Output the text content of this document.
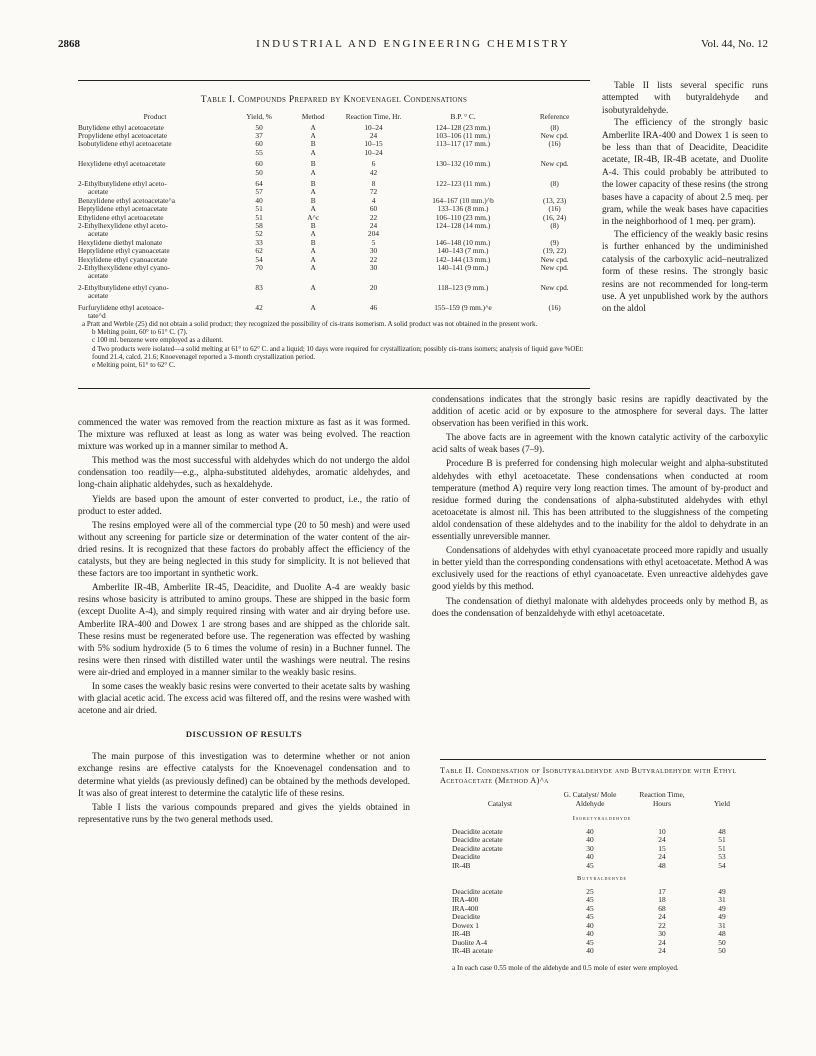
2868	INDUSTRIAL AND ENGINEERING CHEMISTRY	Vol. 44, No. 12
Table I. Compounds Prepared by Knoevenagel Condensations
Product	Yield, %	Method	Reaction Time, Hr.	B.P. ° C.	Reference
Butylidene ethyl acetoacetate	50	A	10–24	124–128 (23 mm.)	(8)
Propylidene ethyl acetoacetate	37	A	24	103–106 (11 mm.)	New cpd.
Isobutylidene ethyl acetoacetate	60	B	10–15	113–117 (17 mm.)	(16)
	55	A	10–24		
Hexylidene ethyl acetoacetate	60	B	6	130–132 (10 mm.)	New cpd.
	50	A	42		
2-Ethylbutylidene ethyl aceto-	64	B	8	122–123 (11 mm.)	(8)
acetate	57	A	72		
Benzylidene ethyl acetoacetate^a	40	B	4	164–167 (10 mm.)^b	(13, 23)
Heptylidene ethyl acetoacetate	51	A	60	133–136 (8 mm.)	(16)
Ethylidene ethyl acetoacetate	51	A^c	22	106–110 (23 mm.)	(16, 24)
2-Ethylhexylidene ethyl aceto-	58	B	24	124–128 (14 mm.)	(8)
acetate	52	A	204		
Hexylidene diethyl malonate	33	B	5	146–148 (10 mm.)	(9)
Heptylidene ethyl cyanoacetate	62	A	30	140–143 (7 mm.)	(19, 22)
Hexylidene ethyl cyanoacetate	54	A	22	142–144 (13 mm.)	New cpd.
2-Ethylhexylidene ethyl cyano-	70	A	30	140–141 (9 mm.)	New cpd.
acetate					
2-Ethylbutylidene ethyl cyano-	83	A	20	118–123 (9 mm.)	New cpd.
acetate					
Furfurylidene ethyl acetoace-	42	A	46	155–159 (9 mm.)^e	(16)
tate^d					
a Pratt and Werble (25) did not obtain a solid product; they recognized the possibility of cis-trans isomerism. A solid product was not obtained in the present work.
b Melting point, 60° to 61° C. (7).
c 100 ml. benzene were employed as a diluent.
d Two products were isolated—a solid melting at 61° to 62° C. and a liquid; 10 days were required for crystallization; possibly cis-trans isomers; analysis of liquid gave %OEt: found 21.4, calcd. 21.6; Knoevenagel reported a 3-month crystallization period.
e Melting point, 61° to 62° C.

Table II lists several specific runs attempted with butyraldehyde and isobutyraldehyde.

The efficiency of the strongly basic Amberlite IRA-400 and Dowex 1 is seen to be less than that of Deacidite, Deacidite acetate, IR-4B, IR-4B acetate, and Duolite A-4. This could probably be attributed to the lower capacity of these resins (the strong bases have a capacity of about 2.5 meq. per gram, while the weak bases have capacities in the neighborhood of 1 meq. per gram).

The efficiency of the weakly basic resins is further enhanced by the undiminished catalysis of the carboxylic acid–neutralized form of these resins. The strongly basic resins are not recommended for long-term use. A yet unpublished work by the authors on the aldol

commenced the water was removed from the reaction mixture as fast as it was formed. The mixture was refluxed at least as long as water was being evolved. The reaction mixture was worked up in a manner similar to method A.

This method was the most successful with aldehydes which do not undergo the aldol condensation too readily—e.g., alpha-substituted aldehydes, aromatic aldehydes, and long-chain aliphatic aldehydes, such as hexaldehyde.

Yields are based upon the amount of ester converted to product, i.e., the ratio of product to ester added.

The resins employed were all of the commercial type (20 to 50 mesh) and were used without any screening for particle size or determination of the water content of the air-dried resins. It is recognized that these factors do probably affect the efficiency of the catalysts, but they are being neglected in this study for simplicity. It is not believed that these factors are too important in synthetic work.

Amberlite IR-4B, Amberlite IR-45, Deacidite, and Duolite A-4 are weakly basic resins whose basicity is attributed to amino groups. These are shipped in the basic form (except Duolite A-4), and simply required rinsing with water and air drying before use. Amberlite IRA-400 and Dowex 1 are strong bases and are shipped as the chloride salt. These resins must be regenerated before use. The regeneration was effected by washing with 5% sodium hydroxide (5 to 6 times the volume of resin) in a Buchner funnel. The resins were then rinsed with distilled water until the washings were neutral. The resins were air-dried and employed in a manner similar to the weakly basic resins.

In some cases the weakly basic resins were converted to their acetate salts by washing with glacial acetic acid. The excess acid was filtered off, and the resins were washed with acetone and air dried.

DISCUSSION OF RESULTS

The main purpose of this investigation was to determine whether or not anion exchange resins are effective catalysts for the Knoevenagel condensation and to determine what yields (as previously defined) can be obtained by the methods developed. It was also of great interest to determine the catalytic life of these resins.

Table I lists the various compounds prepared and gives the yields obtained in representative runs by the two general methods used.

condensations indicates that the strongly basic resins are rapidly deactivated by the addition of acetic acid or by exposure to the atmosphere for several days. The latter observation has been verified in this work.

The above facts are in agreement with the known catalytic activity of the carboxylic acid salts of weak bases (7–9).

Procedure B is preferred for condensing high molecular weight and alpha-substituted aldehydes with ethyl acetoacetate. These condensations when conducted at room temperature (method A) require very long reaction times. The amount of by-product and residue formed during the condensations of alpha-substituted aldehydes with ethyl acetoacetate is almost nil. This has been attributed to the sluggishness of the competing aldol condensation of these aldehydes and to the inability for the aldol to dehydrate in an essentially unreversible manner.

Condensations of aldehydes with ethyl cyanoacetate proceed more rapidly and usually in better yield than the corresponding condensations with ethyl acetoacetate. Method A was exclusively used for the reactions of ethyl cyanoacetate. Even unreactive aldehydes gave good yields by this method.

The condensation of diethyl malonate with aldehydes proceeds only by method B, as does the condensation of benzaldehyde with ethyl acetoacetate.

Table II. Condensation of Isobutyraldehyde and Butyraldehyde with Ethyl Acetoacetate (Method A)^a
Catalyst	G. Catalyst/ Mole Aldehyde	Reaction Time, Hours	Yield
Isobutyraldehyde			
Deacidite acetate	40	10	48
Deacidite acetate	40	24	51
Deacidite acetate	30	15	51
Deacidite	40	24	53
IR-4B	45	48	54
Butyraldehyde			
Deacidite acetate	25	17	49
IRA-400	45	18	31
IRA-400	45	68	49
Deacidite	45	24	49
Dowex 1	40	22	31
IR-4B	40	30	48
Duolite A-4	45	24	50
IR-4B acetate	40	24	50
a In each case 0.55 mole of the aldehyde and 0.5 mole of ester were employed.
